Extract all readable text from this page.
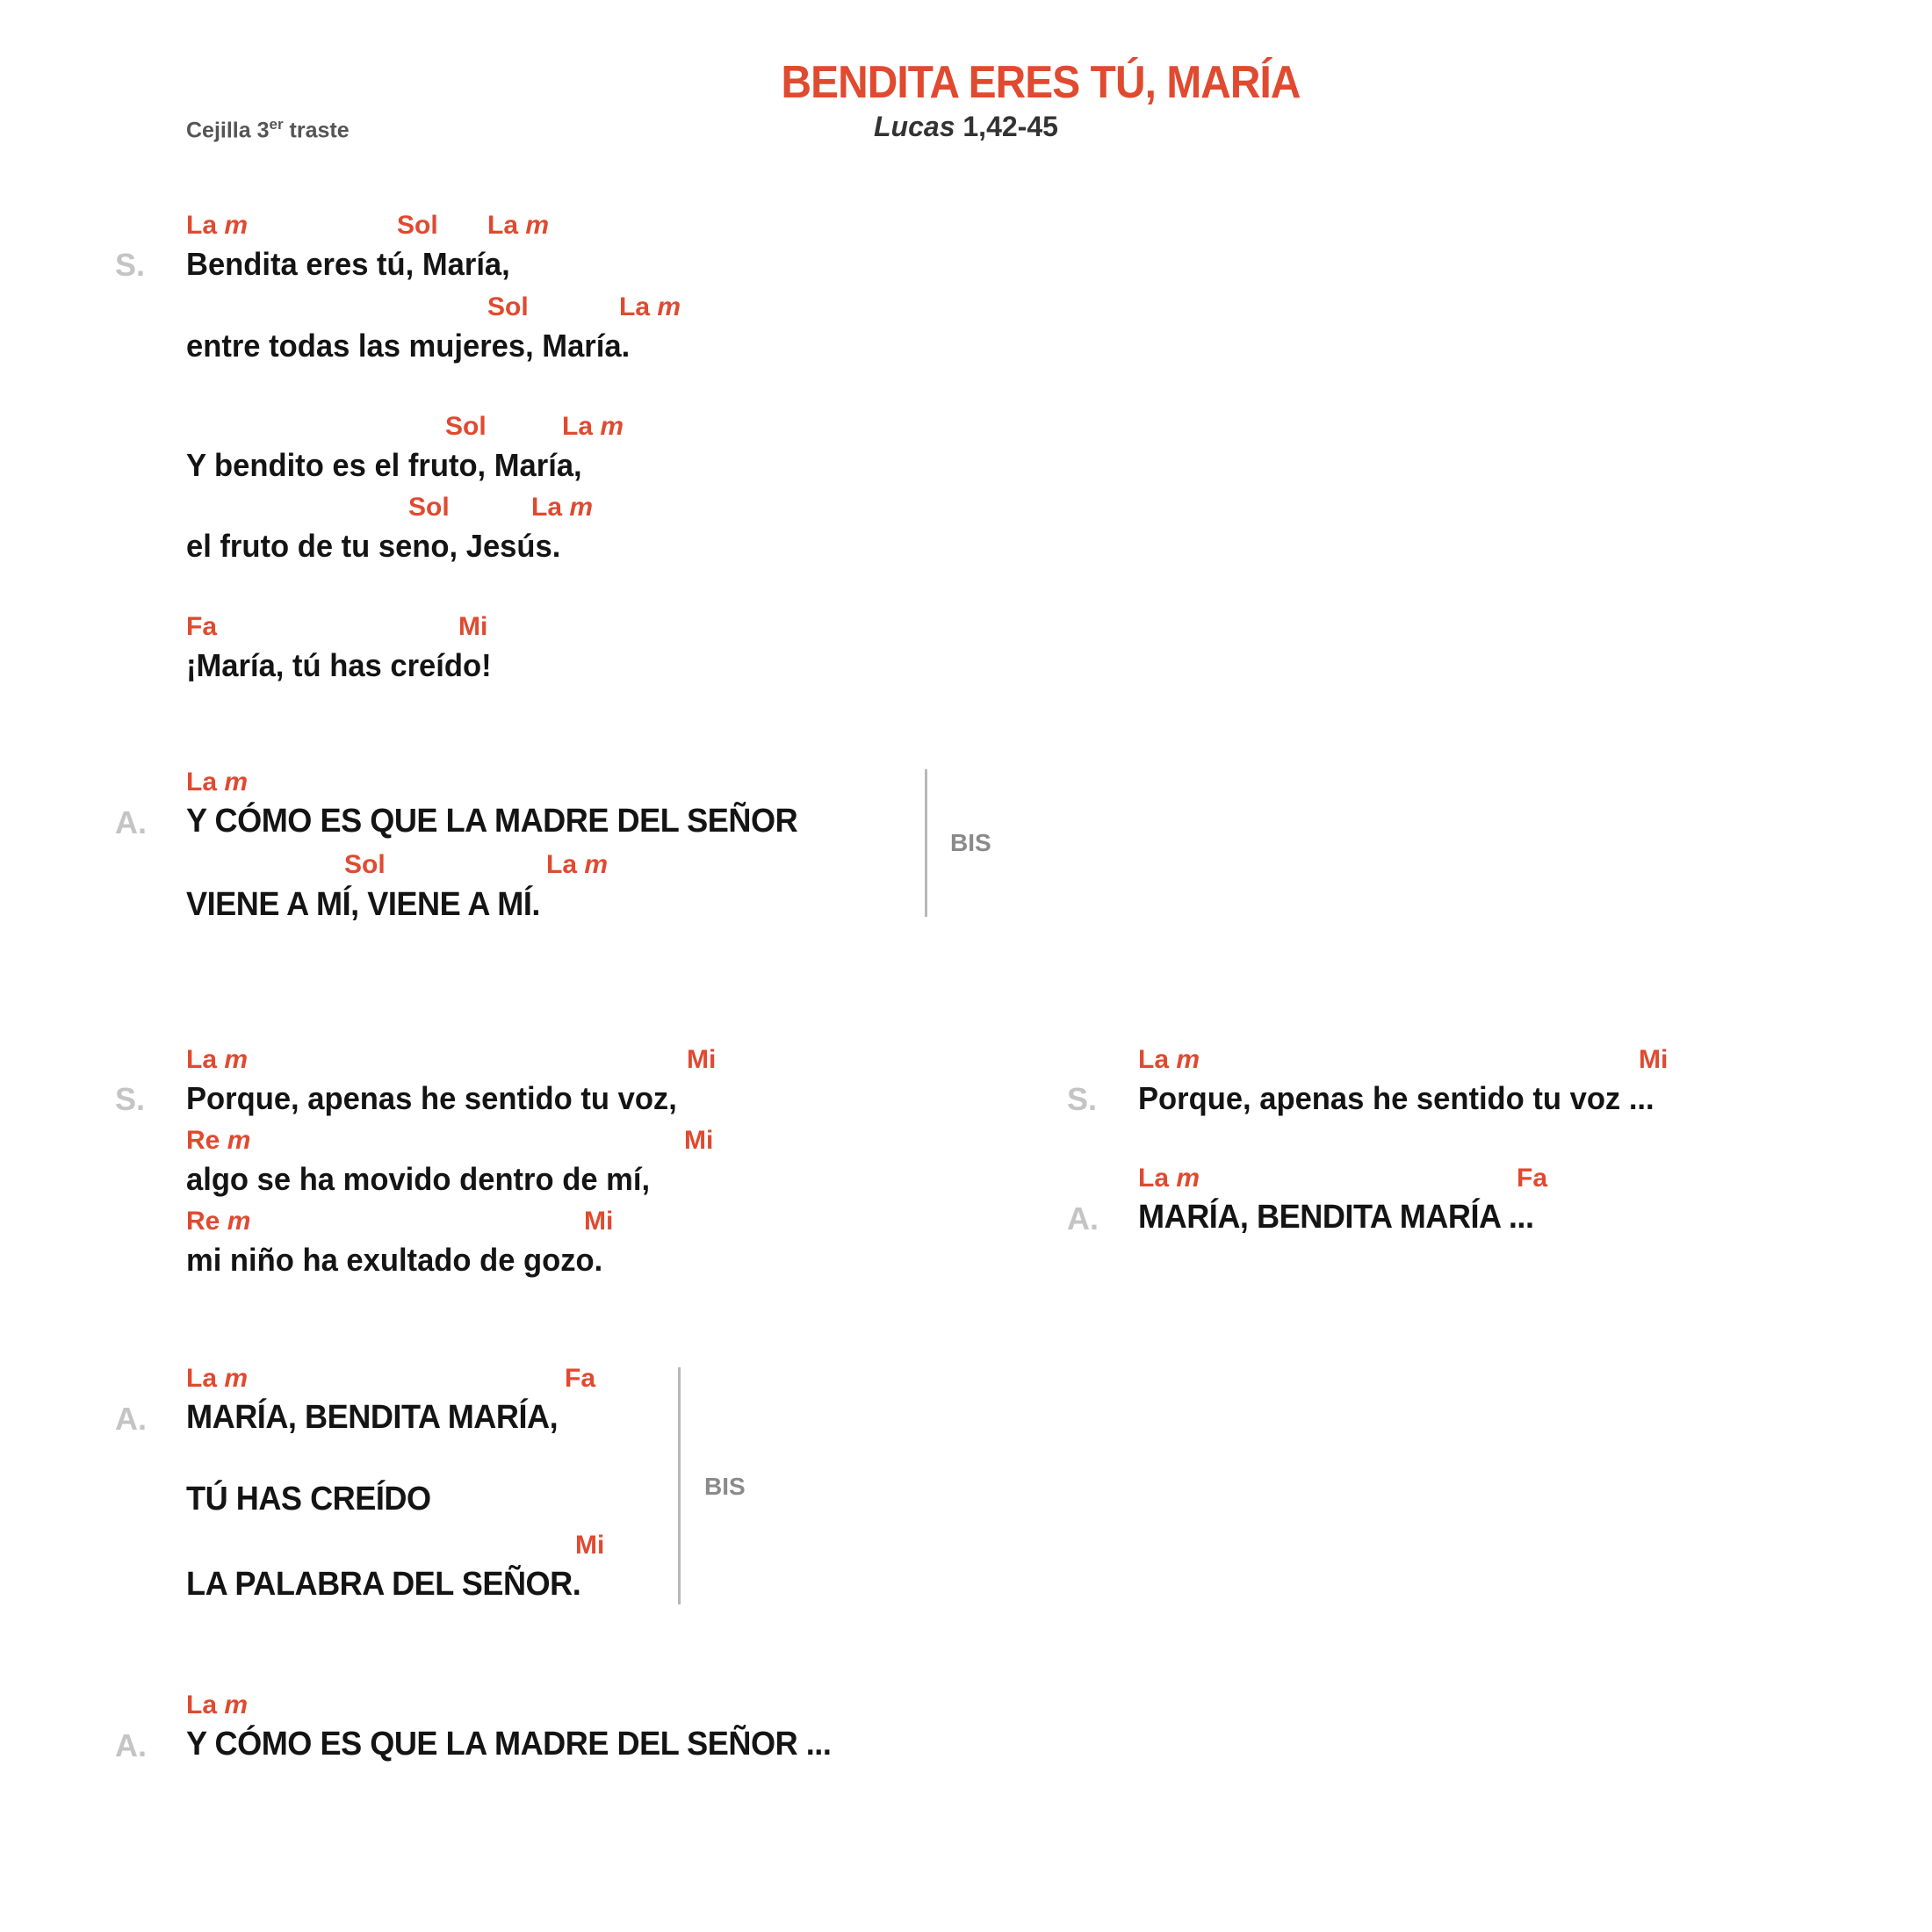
BENDITA ERES TÚ, MARÍA
Cejilla 3er traste	Lucas 1,42-45
La m	Sol La m
S. Bendita eres tú, María,
Sol	La m
entre todas las mujeres, María.
Sol	La m
Y bendito es el fruto, María,
Sol	La m
el fruto de tu seno, Jesús.
Fa	Mi
¡María, tú has creído!
La m
A. Y CÓMO ES QUE LA MADRE DEL SEÑOR
Sol	La m
VIENE A MÍ, VIENE A MÍ.
BIS
La m	Mi
S. Porque, apenas he sentido tu voz,
Re m	Mi
algo se ha movido dentro de mí,
Re m	Mi
mi niño ha exultado de gozo.
La m	Fa
A. MARÍA, BENDITA MARÍA,
TÚ HAS CREÍDO
Mi
LA PALABRA DEL SEÑOR.
BIS
La m
A. Y CÓMO ES QUE LA MADRE DEL SEÑOR ...
La m	Mi
S. Porque, apenas he sentido tu voz ...
La m	Fa
A. MARÍA, BENDITA MARÍA ...
